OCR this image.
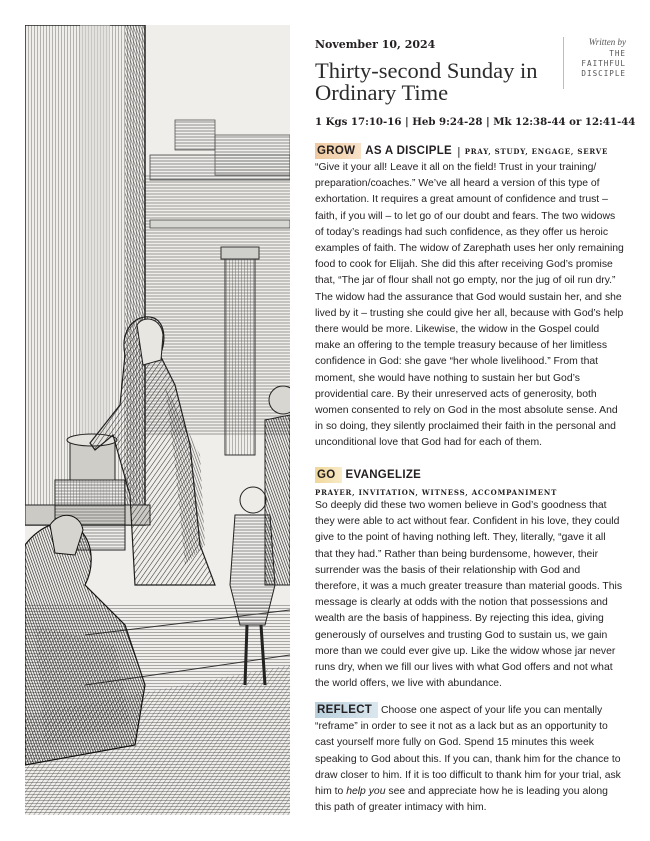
November 10, 2024
Thirty-second Sunday in Ordinary Time
Written by
THE
FAITHFUL
DISCIPLE
1 Kgs 17:10-16 | Heb 9:24-28 | Mk 12:38-44 or 12:41-44
GROW AS A DISCIPLE | PRAY, STUDY, ENGAGE, SERVE

“Give it your all! Leave it all on the field! Trust in your training/ preparation/coaches.” We’ve all heard a version of this type of exhortation. It requires a great amount of confidence and trust – faith, if you will – to let go of our doubt and fears. The two widows of today’s readings had such confidence, as they offer us heroic examples of faith. The widow of Zarephath uses her only remaining food to cook for Elijah. She did this after receiving God’s promise that, “The jar of flour shall not go empty, nor the jug of oil run dry.” The widow had the assurance that God would sustain her, and she lived by it – trusting she could give her all, because with God’s help there would be more. Likewise, the widow in the Gospel could make an offering to the temple treasury because of her limitless confidence in God: she gave “her whole livelihood.” From that moment, she would have nothing to sustain her but God’s providential care. By their unreserved acts of generosity, both women consented to rely on God in the most absolute sense. And in so doing, they silently proclaimed their faith in the personal and unconditional love that God had for each of them.

GO EVANGELIZE
PRAYER, INVITATION, WITNESS, ACCOMPANIMENT

So deeply did these two women believe in God’s goodness that they were able to act without fear. Confident in his love, they could give to the point of having nothing left. They, literally, “gave it all that they had.” Rather than being burdensome, however, their surrender was the basis of their relationship with God and therefore, it was a much greater treasure than material goods. This message is clearly at odds with the notion that possessions and wealth are the basis of happiness. By rejecting this idea, giving generously of ourselves and trusting God to sustain us, we gain more than we could ever give up. Like the widow whose jar never runs dry, when we fill our lives with what God offers and not what the world offers, we live with abundance.

REFLECT Choose one aspect of your life you can mentally “reframe” in order to see it not as a lack but as an opportunity to cast yourself more fully on God. Spend 15 minutes this week speaking to God about this. If you can, thank him for the chance to draw closer to him. If it is too difficult to thank him for your trial, ask him to help you see and appreciate how he is leading you along this path of greater intimacy with him.
